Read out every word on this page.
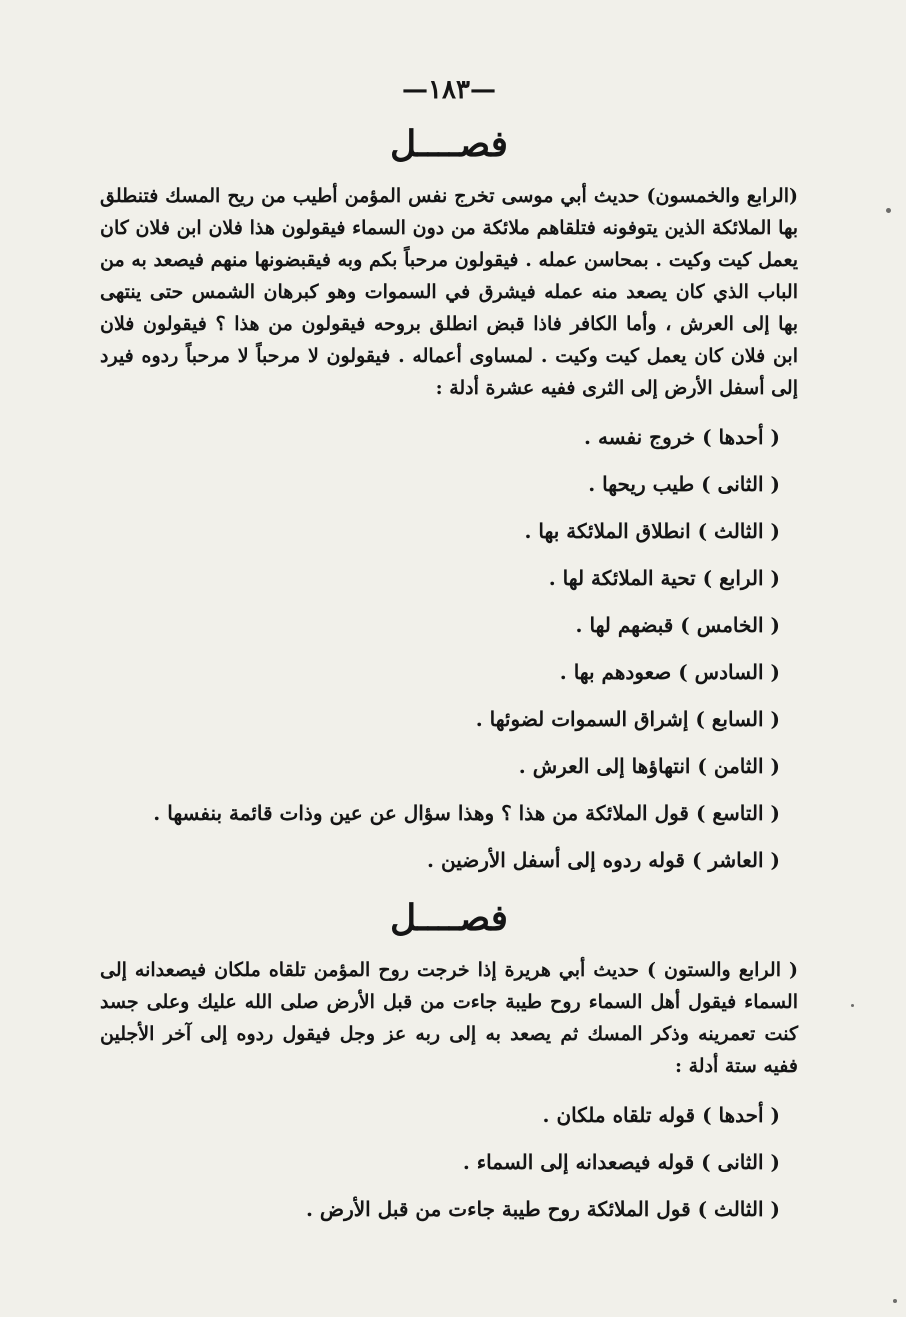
—١٨٣—
فصــــل

(الرابع والخمسون) حديث أبي موسى تخرج نفس المؤمن أطيب من ريح المسك فتنطلق بها الملائكة الذين يتوفونه فتلقاهم ملائكة من دون السماء فيقولون هذا فلان ابن فلان كان يعمل كيت وكيت . بمحاسن عمله . فيقولون مرحباً بكم وبه فيقبضونها منهم فيصعد به من الباب الذي كان يصعد منه عمله فيشرق في السموات وهو كبرهان الشمس حتى ينتهى بها إلى العرش ، وأما الكافر فاذا قبض انطلق بروحه فيقولون من هذا ؟ فيقولون فلان ابن فلان كان يعمل كيت وكيت . لمساوى أعماله . فيقولون لا مرحباً لا مرحباً ردوه فيرد إلى أسفل الأرض إلى الثرى ففيه عشرة أدلة :

( أحدها ) خروج نفسه .
( الثانى ) طيب ريحها .
( الثالث ) انطلاق الملائكة بها .
( الرابع ) تحية الملائكة لها .
( الخامس ) قبضهم لها .
( السادس ) صعودهم بها .
( السابع ) إشراق السموات لضوئها .
( الثامن ) انتهاؤها إلى العرش .
( التاسع ) قول الملائكة من هذا ؟ وهذا سؤال عن عين وذات قائمة بنفسها .
( العاشر ) قوله ردوه إلى أسفل الأرضين .
فصــــل

( الرابع والستون ) حديث أبي هريرة إذا خرجت روح المؤمن تلقاه ملكان فيصعدانه إلى السماء فيقول أهل السماء روح طيبة جاءت من قبل الأرض صلى الله عليك وعلى جسد كنت تعمرينه وذكر المسك ثم يصعد به إلى ربه عز وجل فيقول ردوه إلى آخر الأجلين ففيه ستة أدلة :

( أحدها ) قوله تلقاه ملكان .
( الثانى ) قوله فيصعدانه إلى السماء .
( الثالث ) قول الملائكة روح طيبة جاءت من قبل الأرض .
